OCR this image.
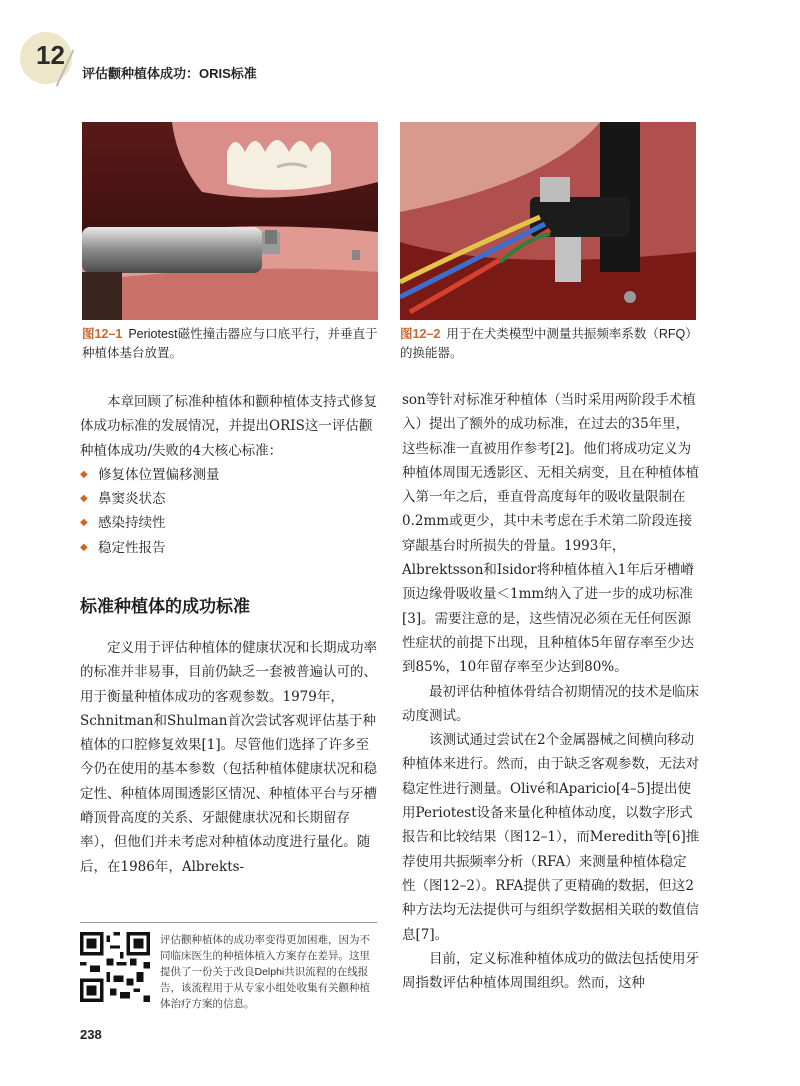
12
评估颧种植体成功：ORIS标准
图12–1 Periotest磁性撞击器应与口底平行，并垂直于种植体基台放置。
图12–2 用于在犬类模型中测量共振频率系数（RFQ）的换能器。

本章回顾了标准种植体和颧种植体支持式修复体成功标准的发展情况，并提出ORIS这一评估颧种植体成功/失败的4大核心标准：

◆ 修复体位置偏移测量
◆ 鼻窦炎状态
◆ 感染持续性
◆ 稳定性报告
标准种植体的成功标准

定义用于评估种植体的健康状况和长期成功率的标准并非易事，目前仍缺乏一套被普遍认可的、用于衡量种植体成功的客观参数。1979年，Schnitman和Shulman首次尝试客观评估基于种植体的口腔修复效果[1]。尽管他们选择了许多至今仍在使用的基本参数（包括种植体健康状况和稳定性、种植体周围透影区情况、种植体平台与牙槽嵴顶骨高度的关系、牙龈健康状况和长期留存率），但他们并未考虑对种植体动度进行量化。随后，在1986年，Albrekts-

评估颧种植体的成功率变得更加困难，因为不同临床医生的种植体植入方案存在差异。这里提供了一份关于改良Delphi共识流程的在线报告，该流程用于从专家小组处收集有关颧种植体治疗方案的信息。

son等针对标准牙种植体（当时采用两阶段手术植入）提出了额外的成功标准，在过去的35年里，这些标准一直被用作参考[2]。他们将成功定义为种植体周围无透影区、无相关病变，且在种植体植入第一年之后，垂直骨高度每年的吸收量限制在0.2mm或更少，其中未考虑在手术第二阶段连接穿龈基台时所损失的骨量。1993年，Albrektsson和Isidor将种植体植入1年后牙槽嵴顶边缘骨吸收量＜1mm纳入了进一步的成功标准[3]。需要注意的是，这些情况必须在无任何医源性症状的前提下出现，且种植体5年留存率至少达到85%，10年留存率至少达到80%。

最初评估种植体骨结合初期情况的技术是临床动度测试。

该测试通过尝试在2个金属器械之间横向移动种植体来进行。然而，由于缺乏客观参数，无法对稳定性进行测量。Olivé和Aparicio[4–5]提出使用Periotest设备来量化种植体动度，以数字形式报告和比较结果（图12–1），而Meredith等[6]推荐使用共振频率分析（RFA）来测量种植体稳定性（图12–2）。RFA提供了更精确的数据，但这2种方法均无法提供可与组织学数据相关联的数值信息[7]。

目前，定义标准种植体成功的做法包括使用牙周指数评估种植体周围组织。然而，这种

238
